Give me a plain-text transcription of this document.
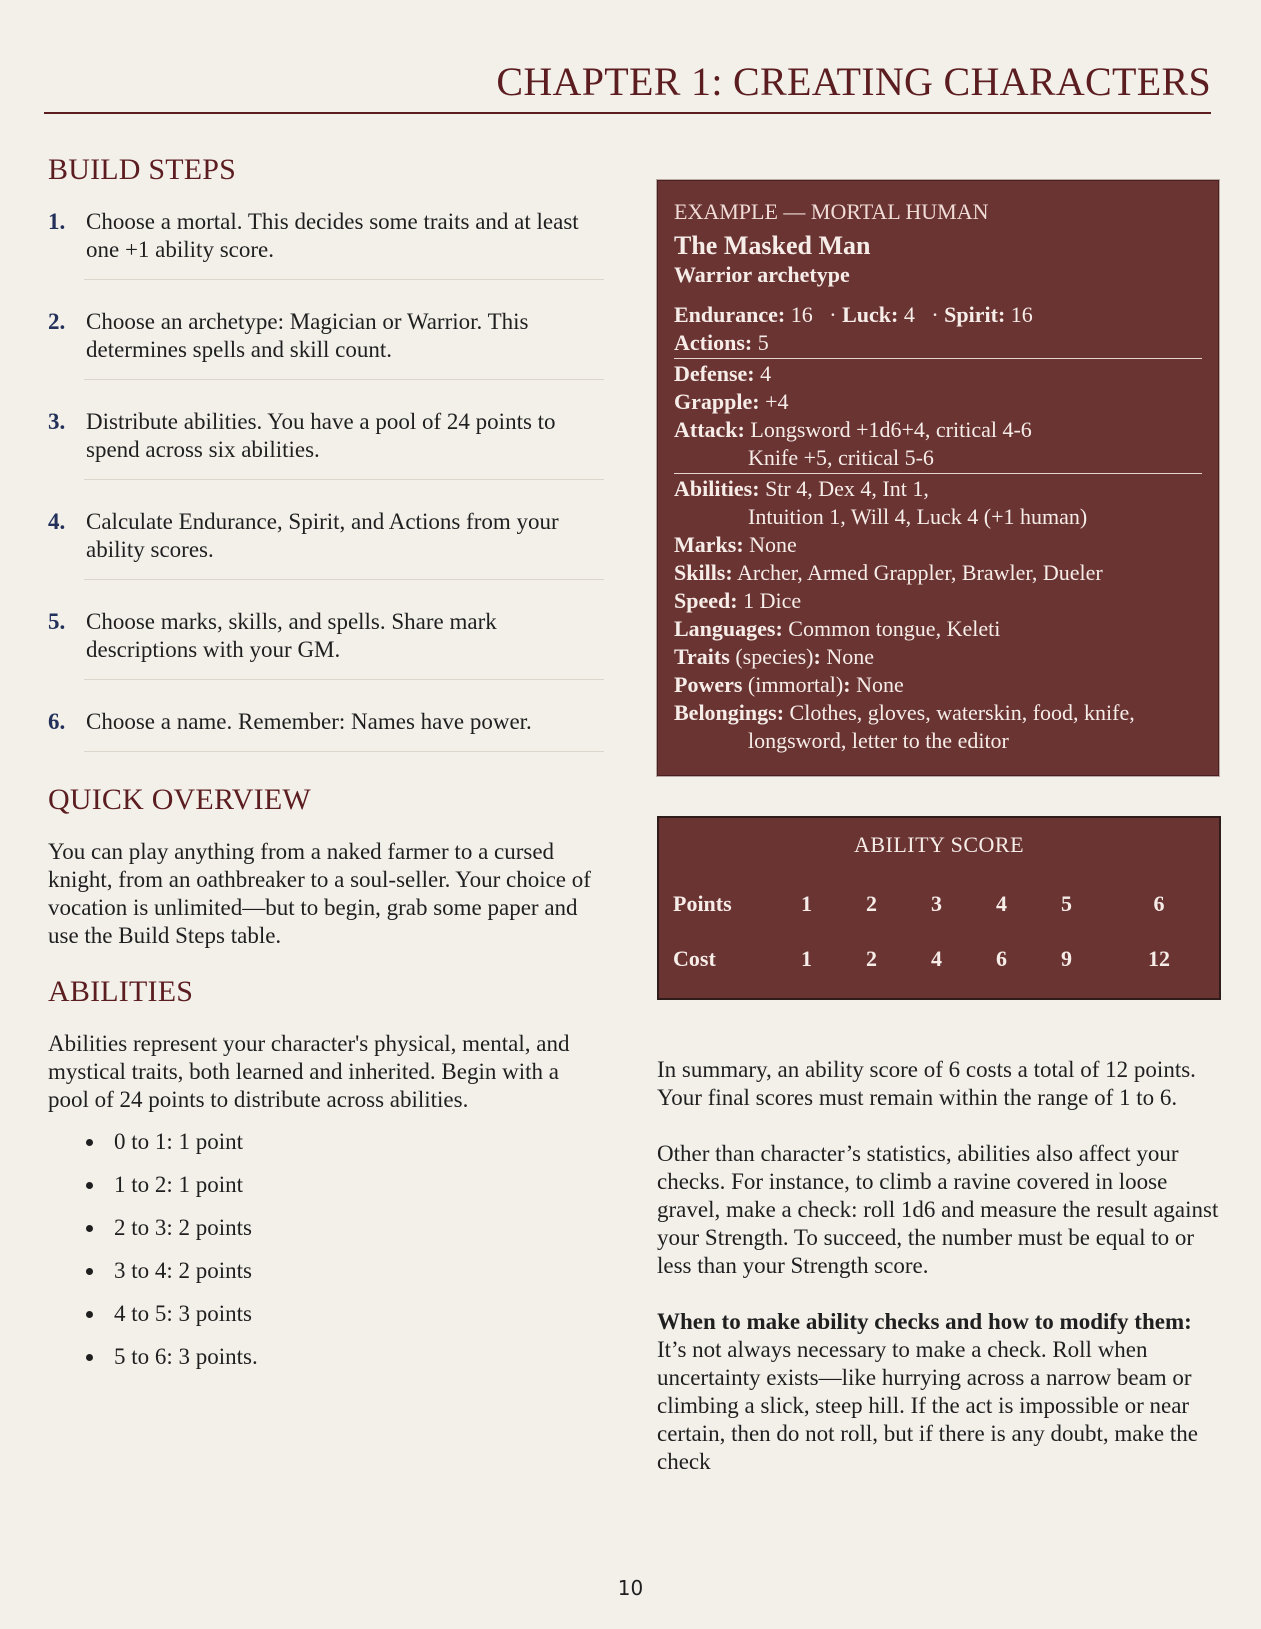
CHAPTER 1: CREATING CHARACTERS
BUILD STEPS
1. Choose a mortal. This decides some traits and at least one +1 ability score.
2. Choose an archetype: Magician or Warrior. This determines spells and skill count.
3. Distribute abilities. You have a pool of 24 points to spend across six abilities.
4. Calculate Endurance, Spirit, and Actions from your ability scores.
5. Choose marks, skills, and spells. Share mark descriptions with your GM.
6. Choose a name. Remember: Names have power.
QUICK OVERVIEW

You can play anything from a naked farmer to a cursed knight, from an oathbreaker to a soul-seller. Your choice of vocation is unlimited—but to begin, grab some paper and use the Build Steps table.

ABILITIES

Abilities represent your character's physical, mental, and mystical traits, both learned and inherited. Begin with a pool of 24 points to distribute across abilities.

0 to 1: 1 point
1 to 2: 1 point
2 to 3: 2 points
3 to 4: 2 points
4 to 5: 3 points
5 to 6: 3 points.
EXAMPLE — MORTAL HUMAN
The Masked Man
Warrior archetype
Endurance: 16 · Luck: 4 · Spirit: 16
Actions: 5
Defense: 4
Grapple: +4
Attack: Longsword +1d6+4, critical 4-6
Knife +5, critical 5-6
Abilities: Str 4, Dex 4, Int 1,
Intuition 1, Will 4, Luck 4 (+1 human)
Marks: None
Skills: Archer, Armed Grappler, Brawler, Dueler
Speed: 1 Dice
Languages: Common tongue, Keleti
Traits (species): None
Powers (immortal): None
Belongings: Clothes, gloves, waterskin, food, knife,
longsword, letter to the editor
ABILITY SCORE
Points	1	2	3	4	5	6
Cost	1	2	4	6	9	12

In summary, an ability score of 6 costs a total of 12 points. Your final scores must remain within the range of 1 to 6.

Other than character’s statistics, abilities also affect your checks. For instance, to climb a ravine covered in loose gravel, make a check: roll 1d6 and measure the result against your Strength. To succeed, the number must be equal to or less than your Strength score.

When to make ability checks and how to modify them: It’s not always necessary to make a check. Roll when uncertainty exists—like hurrying across a narrow beam or climbing a slick, steep hill. If the act is impossible or near certain, then do not roll, but if there is any doubt, make the check

10
